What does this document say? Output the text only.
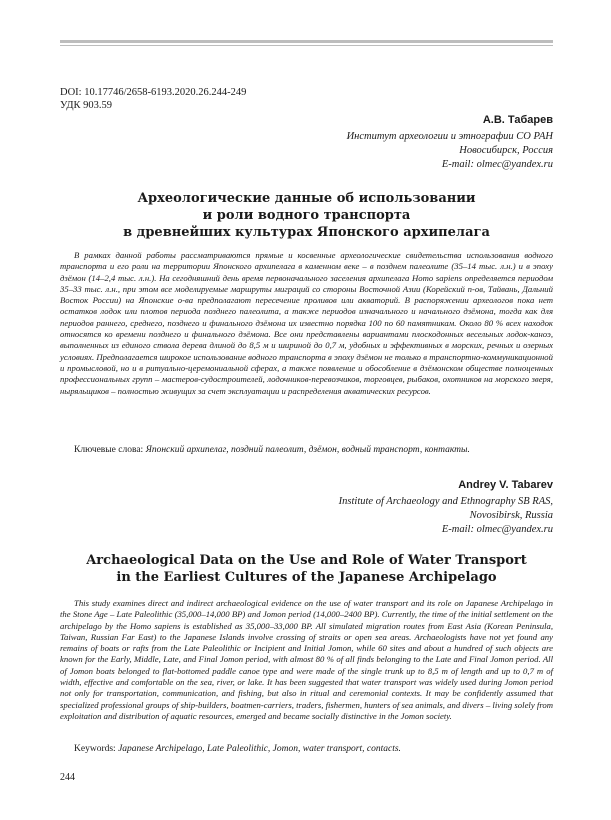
DOI: 10.17746/2658-6193.2020.26.244-249
УДК 903.59
А.В. Табарев
Институт археологии и этнографии СО РАН
Новосибирск, Россия
E-mail: olmec@yandex.ru
Археологические данные об использовании
и роли водного транспорта
в древнейших культурах Японского архипелага

В рамках данной работы рассматриваются прямые и косвенные археологические свидетельства использования водного транспорта и его роли на территории Японского архипелага в каменном веке – в позднем палеолите (35–14 тыс. л.н.) и в эпоху дзёмон (14–2,4 тыс. л.н.). На сегодняшний день время первоначального заселения архипелага Homo sapiens определяется периодом 35–33 тыс. л.н., при этом все моделируемые маршруты миграций со стороны Восточной Азии (Корейский п-ов, Тайвань, Дальний Восток России) на Японские о-ва предполагают пересечение проливов или акваторий. В распоряжении археологов пока нет остатков лодок или плотов периода позднего палеолита, а также периодов изначального и начального дзёмона, тогда как для периодов раннего, среднего, позднего и финального дзёмона их известно порядка 100 по 60 памятникам. Около 80 % всех находок относятся ко времени позднего и финального дзёмона. Все они представлены вариантами плоскодонных весельных лодок-каноэ, выполненных из единого ствола дерева длиной до 8,5 м и шириной до 0,7 м, удобных и эффективных в морских, речных и озерных условиях. Предполагается широкое использование водного транспорта в эпоху дзёмон не только в транспортно-коммуникационной и промысловой, но и в ритуально-церемониальной сферах, а также появление и обособление в дзёмонском обществе полноценных профессиональных групп – мастеров-судостроителей, лодочников-перевозчиков, торговцев, рыбаков, охотников на морского зверя, ныряльщиков – полностью живущих за счет эксплуатации и распределения акватических ресурсов.

Ключевые слова: Японский архипелаг, поздний палеолит, дзёмон, водный транспорт, контакты.
Andrey V. Tabarev
Institute of Archaeology and Ethnography SB RAS,
Novosibirsk, Russia
E-mail: olmec@yandex.ru
Archaeological Data on the Use and Role of Water Transport
in the Earliest Cultures of the Japanese Archipelago

This study examines direct and indirect archaeological evidence on the use of water transport and its role on Japanese Archipelago in the Stone Age – Late Paleolithic (35,000–14,000 BP) and Jomon period (14,000–2400 BP). Currently, the time of the initial settlement on the archipelago by the Homo sapiens is established as 35,000–33,000 BP. All simulated migration routes from East Asia (Korean Peninsula, Taiwan, Russian Far East) to the Japanese Islands involve crossing of straits or open sea areas. Archaeologists have not yet found any remains of boats or rafts from the Late Paleolithic or Incipient and Initial Jomon, while 60 sites and about a hundred of such objects are known for the Early, Middle, Late, and Final Jomon period, with almost 80 % of all finds belonging to the Late and Final Jomon period. All of Jomon boats belonged to flat-bottomed paddle canoe type and were made of the single trunk up to 8,5 m of length and up to 0,7 m of width, effective and comfortable on the sea, river, or lake. It has been suggested that water transport was widely used during Jomon period not only for transportation, communication, and fishing, but also in ritual and ceremonial contexts. It may be confidently assumed that specialized professional groups of ship-builders, boatmen-carriers, traders, fishermen, hunters of sea animals, and divers – living solely from exploitation and distribution of aquatic resources, emerged and became socially distinctive in the Jomon society.

Keywords: Japanese Archipelago, Late Paleolithic, Jomon, water transport, contacts.
244
